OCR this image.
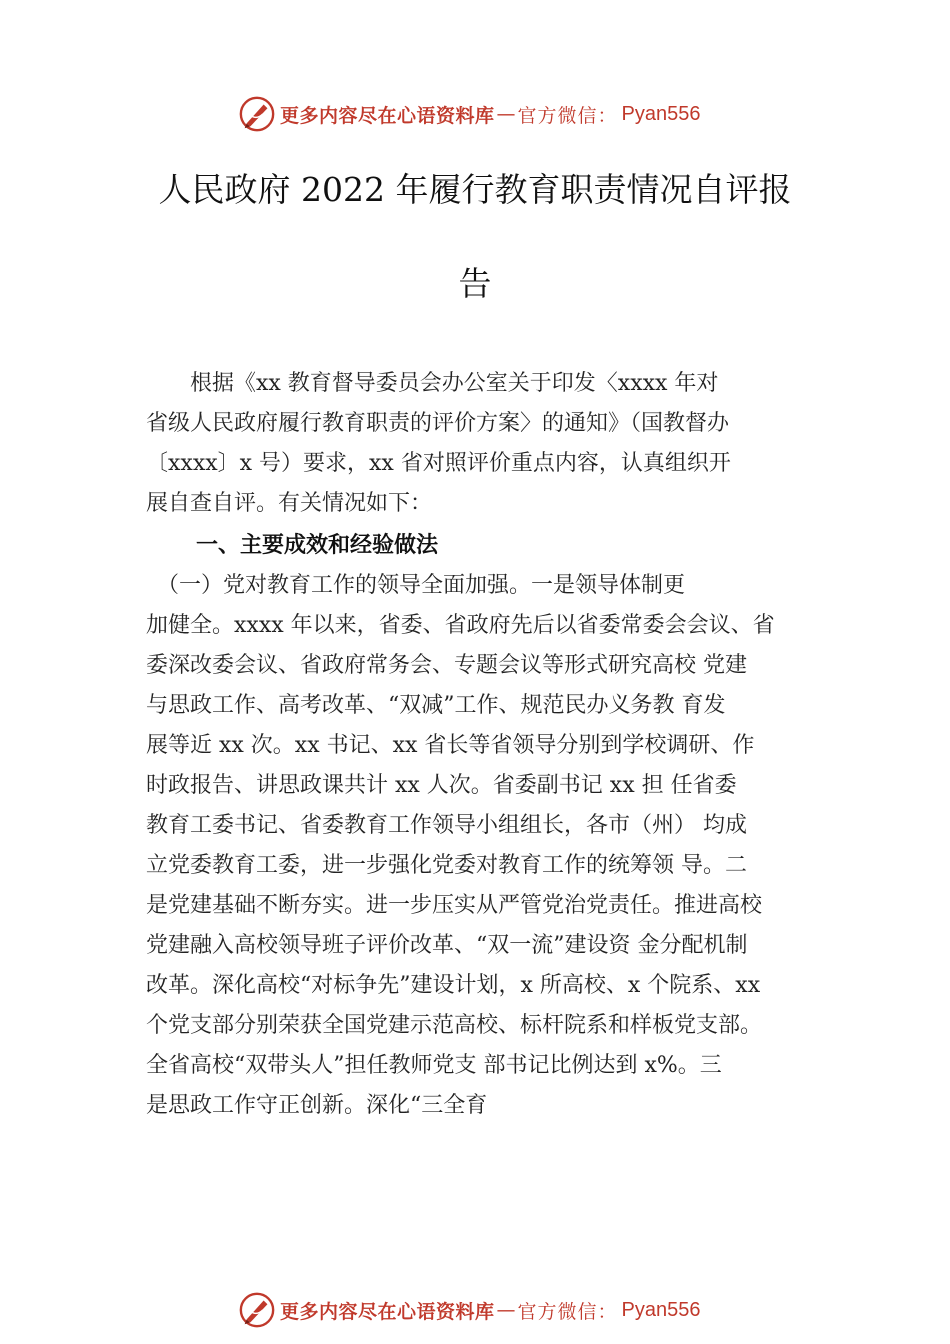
更多内容尽在心语资料库 — 官方微信： Pyan556
人民政府 2022 年履行教育职责情况自评报
告

　　根据《xx 教育督导委员会办公室关于印发〈xxxx 年对
省级人民政府履行教育职责的评价方案〉的通知》（国教督办
〔xxxx〕x 号）要求，xx 省对照评价重点内容，认真组织开
展自查自评。有关情况如下：

一、主要成效和经验做法

　（一）党对教育工作的领导全面加强。一是领导体制更
加健全。xxxx 年以来，省委、省政府先后以省委常委会会议、省
委深改委会议、省政府常务会、专题会议等形式研究高校 党建
与思政工作、高考改革、“双减”工作、规范民办义务教 育发
展等近 xx 次。xx 书记、xx 省长等省领导分别到学校调研、作
时政报告、讲思政课共计 xx 人次。省委副书记 xx 担 任省委
教育工委书记、省委教育工作领导小组组长，各市（州） 均成
立党委教育工委，进一步强化党委对教育工作的统筹领 导。二
是党建基础不断夯实。进一步压实从严管党治党责任。推进高校
党建融入高校领导班子评价改革、“双一流”建设资 金分配机制
改革。深化高校“对标争先”建设计划，x 所高校、x 个院系、xx
个党支部分别荣获全国党建示范高校、标杆院系和样板党支部。
全省高校“双带头人”担任教师党支 部书记比例达到 x%。三
是思政工作守正创新。深化“三全育

更多内容尽在心语资料库 — 官方微信： Pyan556
